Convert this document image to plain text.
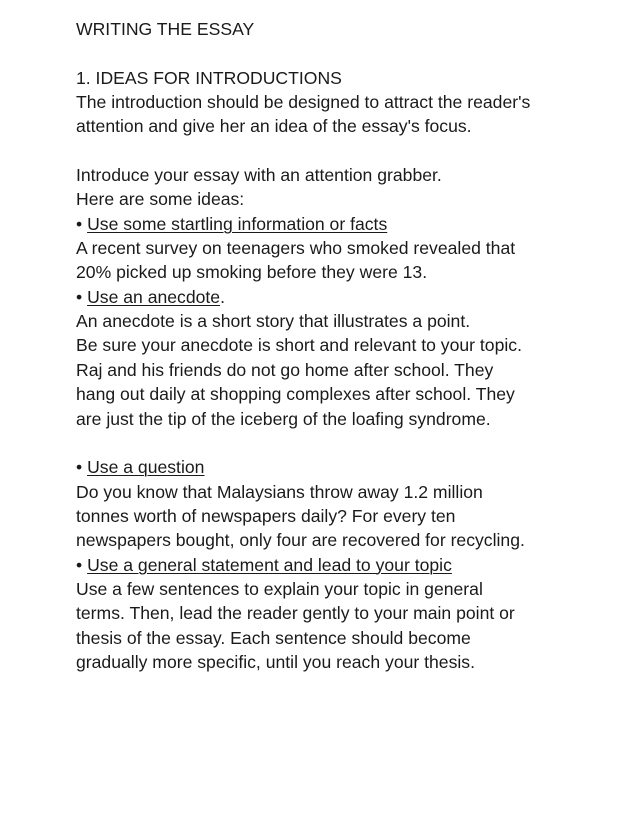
WRITING THE ESSAY
1. IDEAS FOR INTRODUCTIONS
The introduction should be designed to attract the reader's
attention and give her an idea of the essay's focus.
Introduce your essay with an attention grabber.
Here are some ideas:
• Use some startling information or facts
A recent survey on teenagers who smoked revealed that
20% picked up smoking before they were 13.
• Use an anecdote.
An anecdote is a short story that illustrates a point.
Be sure your anecdote is short and relevant to your topic.
Raj and his friends do not go home after school. They
hang out daily at shopping complexes after school. They
are just the tip of the iceberg of the loafing syndrome.
• Use a question
Do you know that Malaysians throw away 1.2 million
tonnes worth of newspapers daily? For every ten
newspapers bought, only four are recovered for recycling.
• Use a general statement and lead to your topic
Use a few sentences to explain your topic in general
terms. Then, lead the reader gently to your main point or
thesis of the essay. Each sentence should become
gradually more specific, until you reach your thesis.
